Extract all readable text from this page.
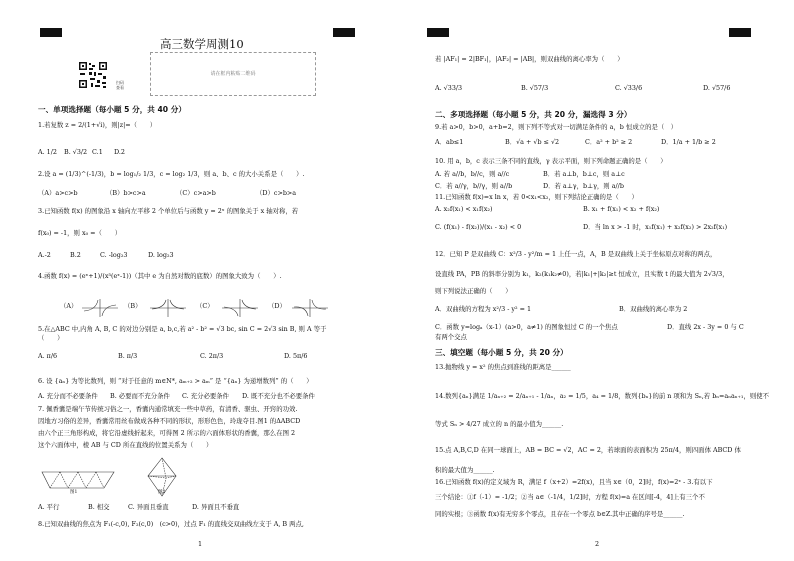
高三数学周测10
扫码
查看
请在框内粘贴二维码
一、单项选择题（每小题 5 分，共 40 分）
1.若复数 z = 2/(1+√i)，则|z|=（　　）
A. 1/2 B. √3/2 C.1 D.2
2.设 a = (1/3)^(-1/3)，b = log₁/₂ 1/3，c = log₂ 1/3，则 a、b、c 的大小关系是（　　）.
（A）a>c>b	（B）b>c>a	（C）c>a>b	（D）c>b>a
3.已知函数 f(x) 的图象沿 x 轴向左平移 2 个单位后与函数 y = 2ˣ 的图象关于 x 轴对称，若
f(x₀) = -1，则 x₀ =（　　）
A.-2	B.2	C. -log₂3	D. log₂3
4.函数 f(x) = (eˣ+1)/(x³(eˣ-1))（其中 e 为自然对数的底数）的图象大致为（　　）.
（A）	（B）	（C）	（D）
5.在△ABC 中,内角 A, B, C 的对边分别是 a, b,c,若 a² - b² = √3 bc, sin C = 2√3 sin B, 则 A 等于
（　　）
A. π/6	B. π/3	C. 2π/3	D. 5π/6
6. 设 {aₙ} 为等比数列，则 “对于任意的 m∈N*, aₘ₊₂ > aₘ” 是 “{aₙ} 为递增数列” 的（　　）
A. 充分而不必要条件 B. 必要而不充分条件 C. 充分必要条件 D. 既不充分也不必要条件
7. 佩香囊是端午节传统习俗之一，香囊内通常填充一些中草药，有清香、驱虫、开窍的功效.
因地方习俗的差异，香囊常用丝布做成各种不同的形状，形形色色，玲珑夺目.图1 的ΔABCD
由六个正三角形构成，将它沿虚线折起来，可得图 2 所示的六面体形状的香囊，那么在图 2
这个六面体中，棱 AB 与 CD 所在直线的位置关系为（　　）
图1	图2
A. 平行	B. 相交	C. 异面且垂直	D. 异面且不垂直
8.已知双曲线的焦点为 F₁(-c,0), F₂(c,0)　(c>0)，过点 F₁ 的直线交双曲线左支于 A, B 两点,
1
若 |AF₁| = 2|BF₁|，|AF₂| = |AB|，则双曲线的离心率为（　　）
A. √33/3	B. √57/3	C. √33/6	D. √57/6
二、多项选择题（每小题 5 分，共 20 分，漏选得 3 分）
9.若 a>0，b>0，a+b=2，则下列不等式对一切满足条件的 a，b 恒成立的是（　）
A．ab≤1	B．√a + √b ≤ √2	C．a² + b² ≥ 2	D．1/a + 1/b ≥ 2
10. 用 a，b，c 表示三条不同的直线，γ 表示平面，则下列命题正确的是（　　）
A. 若 a//b，b//c，则 a//c	B．若 a⊥b，b⊥c，则 a⊥c
C．若 a//γ，b//γ，则 a//b	D．若 a⊥γ，b⊥γ，则 a//b
11.已知函数 f(x)=x ln x，若 0<x₁<x₂，则下列结论正确的是（　　）
A. x₂f(x₁) < x₁f(x₂)	B. x₁ + f(x₁) < x₂ + f(x₂)
C. (f(x₁) - f(x₂))/(x₁ - x₂) < 0	D．当 ln x > -1 时，x₁f(x₁) + x₂f(x₂) > 2x₂f(x₁)
12．已知 P 是双曲线 C：x²/3 - y²/m = 1 上任一点，A，B 是双曲线上关于坐标原点对称的两点，
设直线 PA，PB 的斜率分别为 k₁，k₂(k₁k₂≠0)，若|k₁|+|k₂|≥t 恒成立，且实数 t 的最大值为 2√3/3，
则下列说法正确的（　　）
A．双曲线的方程为 x²/3 - y² = 1	B．双曲线的离心率为 2
C．函数 y=logₐ（x-1）(a>0，a≠1) 的图象恒过 C 的一个焦点	D．直线 2x - 3y = 0 与 C
有两个交点
三、填空题（每小题 5 分，共 20 分）
13.抛物线 y = x² 的焦点到准线的距离是______
14.数列{aₙ}满足 1/aₙ₊₂ = 2/aₙ₊₁ - 1/aₙ，a₂ = 1/5，a₄ = 1/8，数列{bₙ}的前 n 项和为 Sₙ,若 bₙ=aₙaₙ₊₁，则使不
等式 Sₙ > 4/27 成立的 n 的最小值为______.
15.点 A,B,C,D 在同一球面上，AB = BC = √2，AC = 2，若球面的表面积为 25π/4，则四面体 ABCD 体
积的最大值为______.
16.已知函数 f(x)的定义域为 R，满足 f（x+2）=2f(x)，且当 x∈（0，2]时，f(x)=2ˣ - 3.有以下
三个结论：①f（-1）= -1/2；②当 a∈（-1/4，1/2]时，方程 f(x)=a 在区间[-4，4]上有三个不
同的实根；③函数 f(x)有无穷多个零点，且存在一个零点 b∈Z.其中正确的序号是______.
2
